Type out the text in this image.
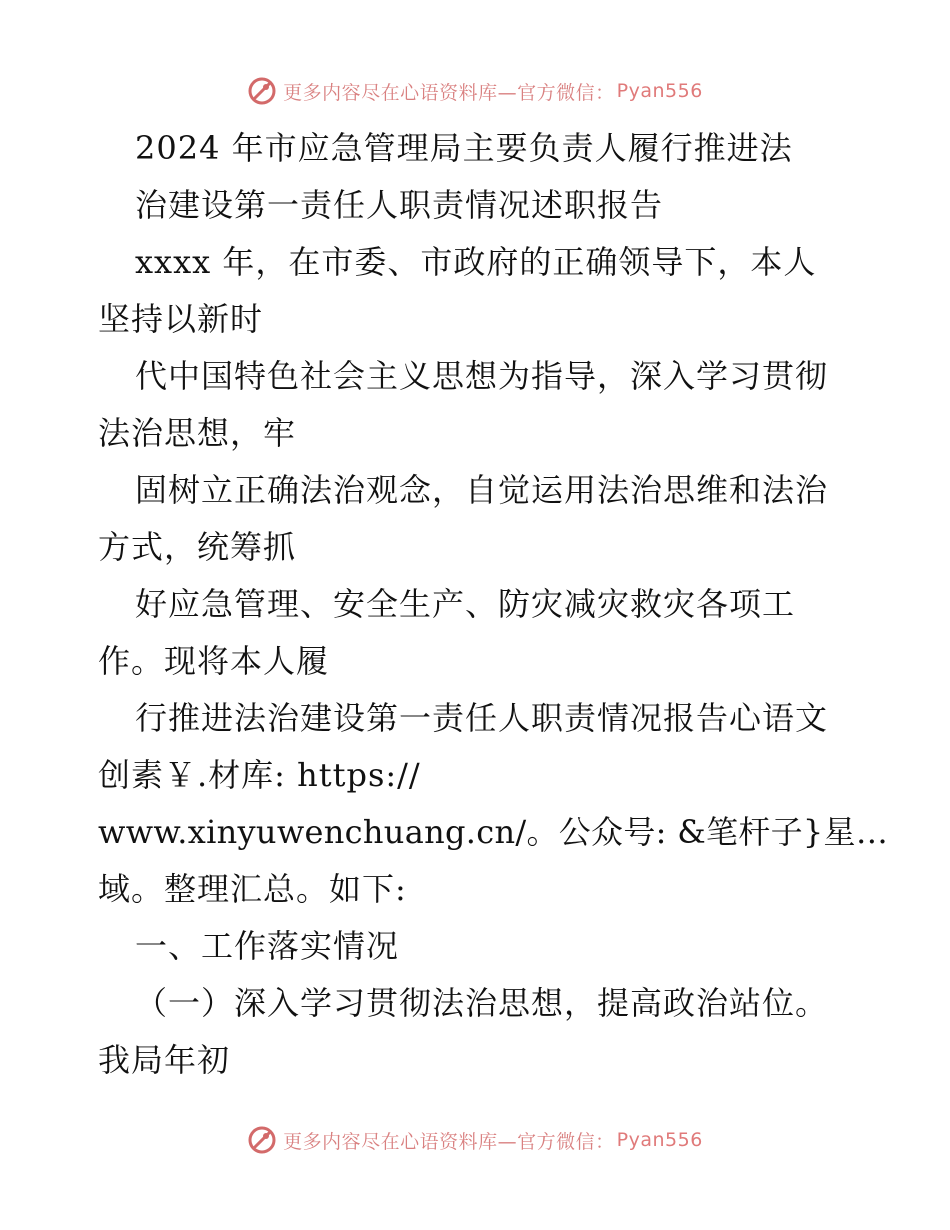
更多内容尽在心语资料库—官方微信： Pyan556
2024 年市应急管理局主要负责人履行推进法
治建设第一责任人职责情况述职报告
xxxx 年，在市委、市政府的正确领导下，本人
坚持以新时
代中国特色社会主义思想为指导，深入学习贯彻
法治思想，牢
固树立正确法治观念，自觉运用法治思维和法治
方式，统筹抓
好应急管理、安全生产、防灾减灾救灾各项工
作。现将本人履
行推进法治建设第一责任人职责情况报告心语文
创素￥.材库: https://
www.xinyuwenchuang.cn/。公众号: &笔杆子}星…
域。整理汇总。如下:
一、工作落实情况
（一）深入学习贯彻法治思想，提高政治站位。
我局年初
更多内容尽在心语资料库—官方微信： Pyan556
